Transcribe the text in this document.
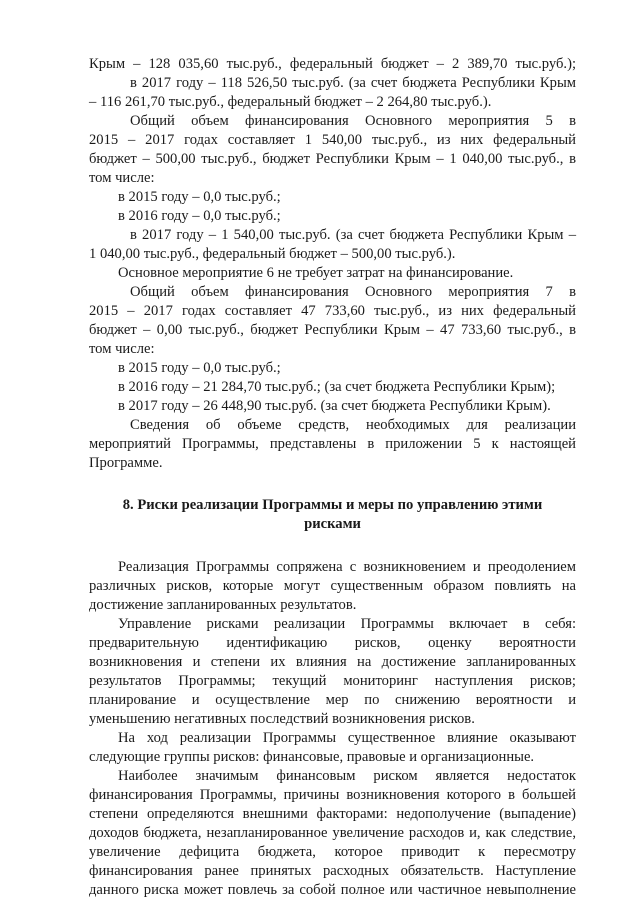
Крым – 128 035,60 тыс.руб., федеральный бюджет – 2 389,70 тыс.руб.);
в 2017 году – 118 526,50 тыс.руб. (за счет бюджета Республики Крым
– 116 261,70 тыс.руб., федеральный бюджет – 2 264,80 тыс.руб.).
Общий объем финансирования Основного мероприятия 5 в
2015 – 2017 годах составляет 1 540,00 тыс.руб., из них федеральный
бюджет – 500,00 тыс.руб., бюджет Республики Крым – 1 040,00 тыс.руб., в
том числе:
в 2015 году – 0,0 тыс.руб.;
в 2016 году – 0,0 тыс.руб.;
в 2017 году – 1 540,00 тыс.руб. (за счет бюджета Республики Крым –
1 040,00 тыс.руб., федеральный бюджет – 500,00 тыс.руб.).
Основное мероприятие 6 не требует затрат на финансирование.
Общий объем финансирования Основного мероприятия 7 в
2015 – 2017 годах составляет 47 733,60 тыс.руб., из них федеральный
бюджет – 0,00 тыс.руб., бюджет Республики Крым – 47 733,60 тыс.руб., в
том числе:
в 2015 году – 0,0 тыс.руб.;
в 2016 году – 21 284,70 тыс.руб.; (за счет бюджета Республики Крым);
в 2017 году – 26 448,90 тыс.руб. (за счет бюджета Республики Крым).
Сведения об объеме средств, необходимых для реализации
мероприятий Программы, представлены в приложении 5 к настоящей
Программе.
8. Риски реализации Программы и меры по управлению этими
рисками
Реализация Программы сопряжена с возникновением и преодолением
различных рисков, которые могут существенным образом повлиять на
достижение запланированных результатов.
Управление рисками реализации Программы включает в себя:
предварительную идентификацию рисков, оценку вероятности
возникновения и степени их влияния на достижение запланированных
результатов Программы; текущий мониторинг наступления рисков;
планирование и осуществление мер по снижению вероятности и
уменьшению негативных последствий возникновения рисков.
На ход реализации Программы существенное влияние оказывают
следующие группы рисков: финансовые, правовые и организационные.
Наиболее значимым финансовым риском является недостаток
финансирования Программы, причины возникновения которого в большей
степени определяются внешними факторами: недополучение (выпадение)
доходов бюджета, незапланированное увеличение расходов и, как следствие,
увеличение дефицита бюджета, которое приводит к пересмотру
финансирования ранее принятых расходных обязательств. Наступление
данного риска может повлечь за собой полное или частичное невыполнение
